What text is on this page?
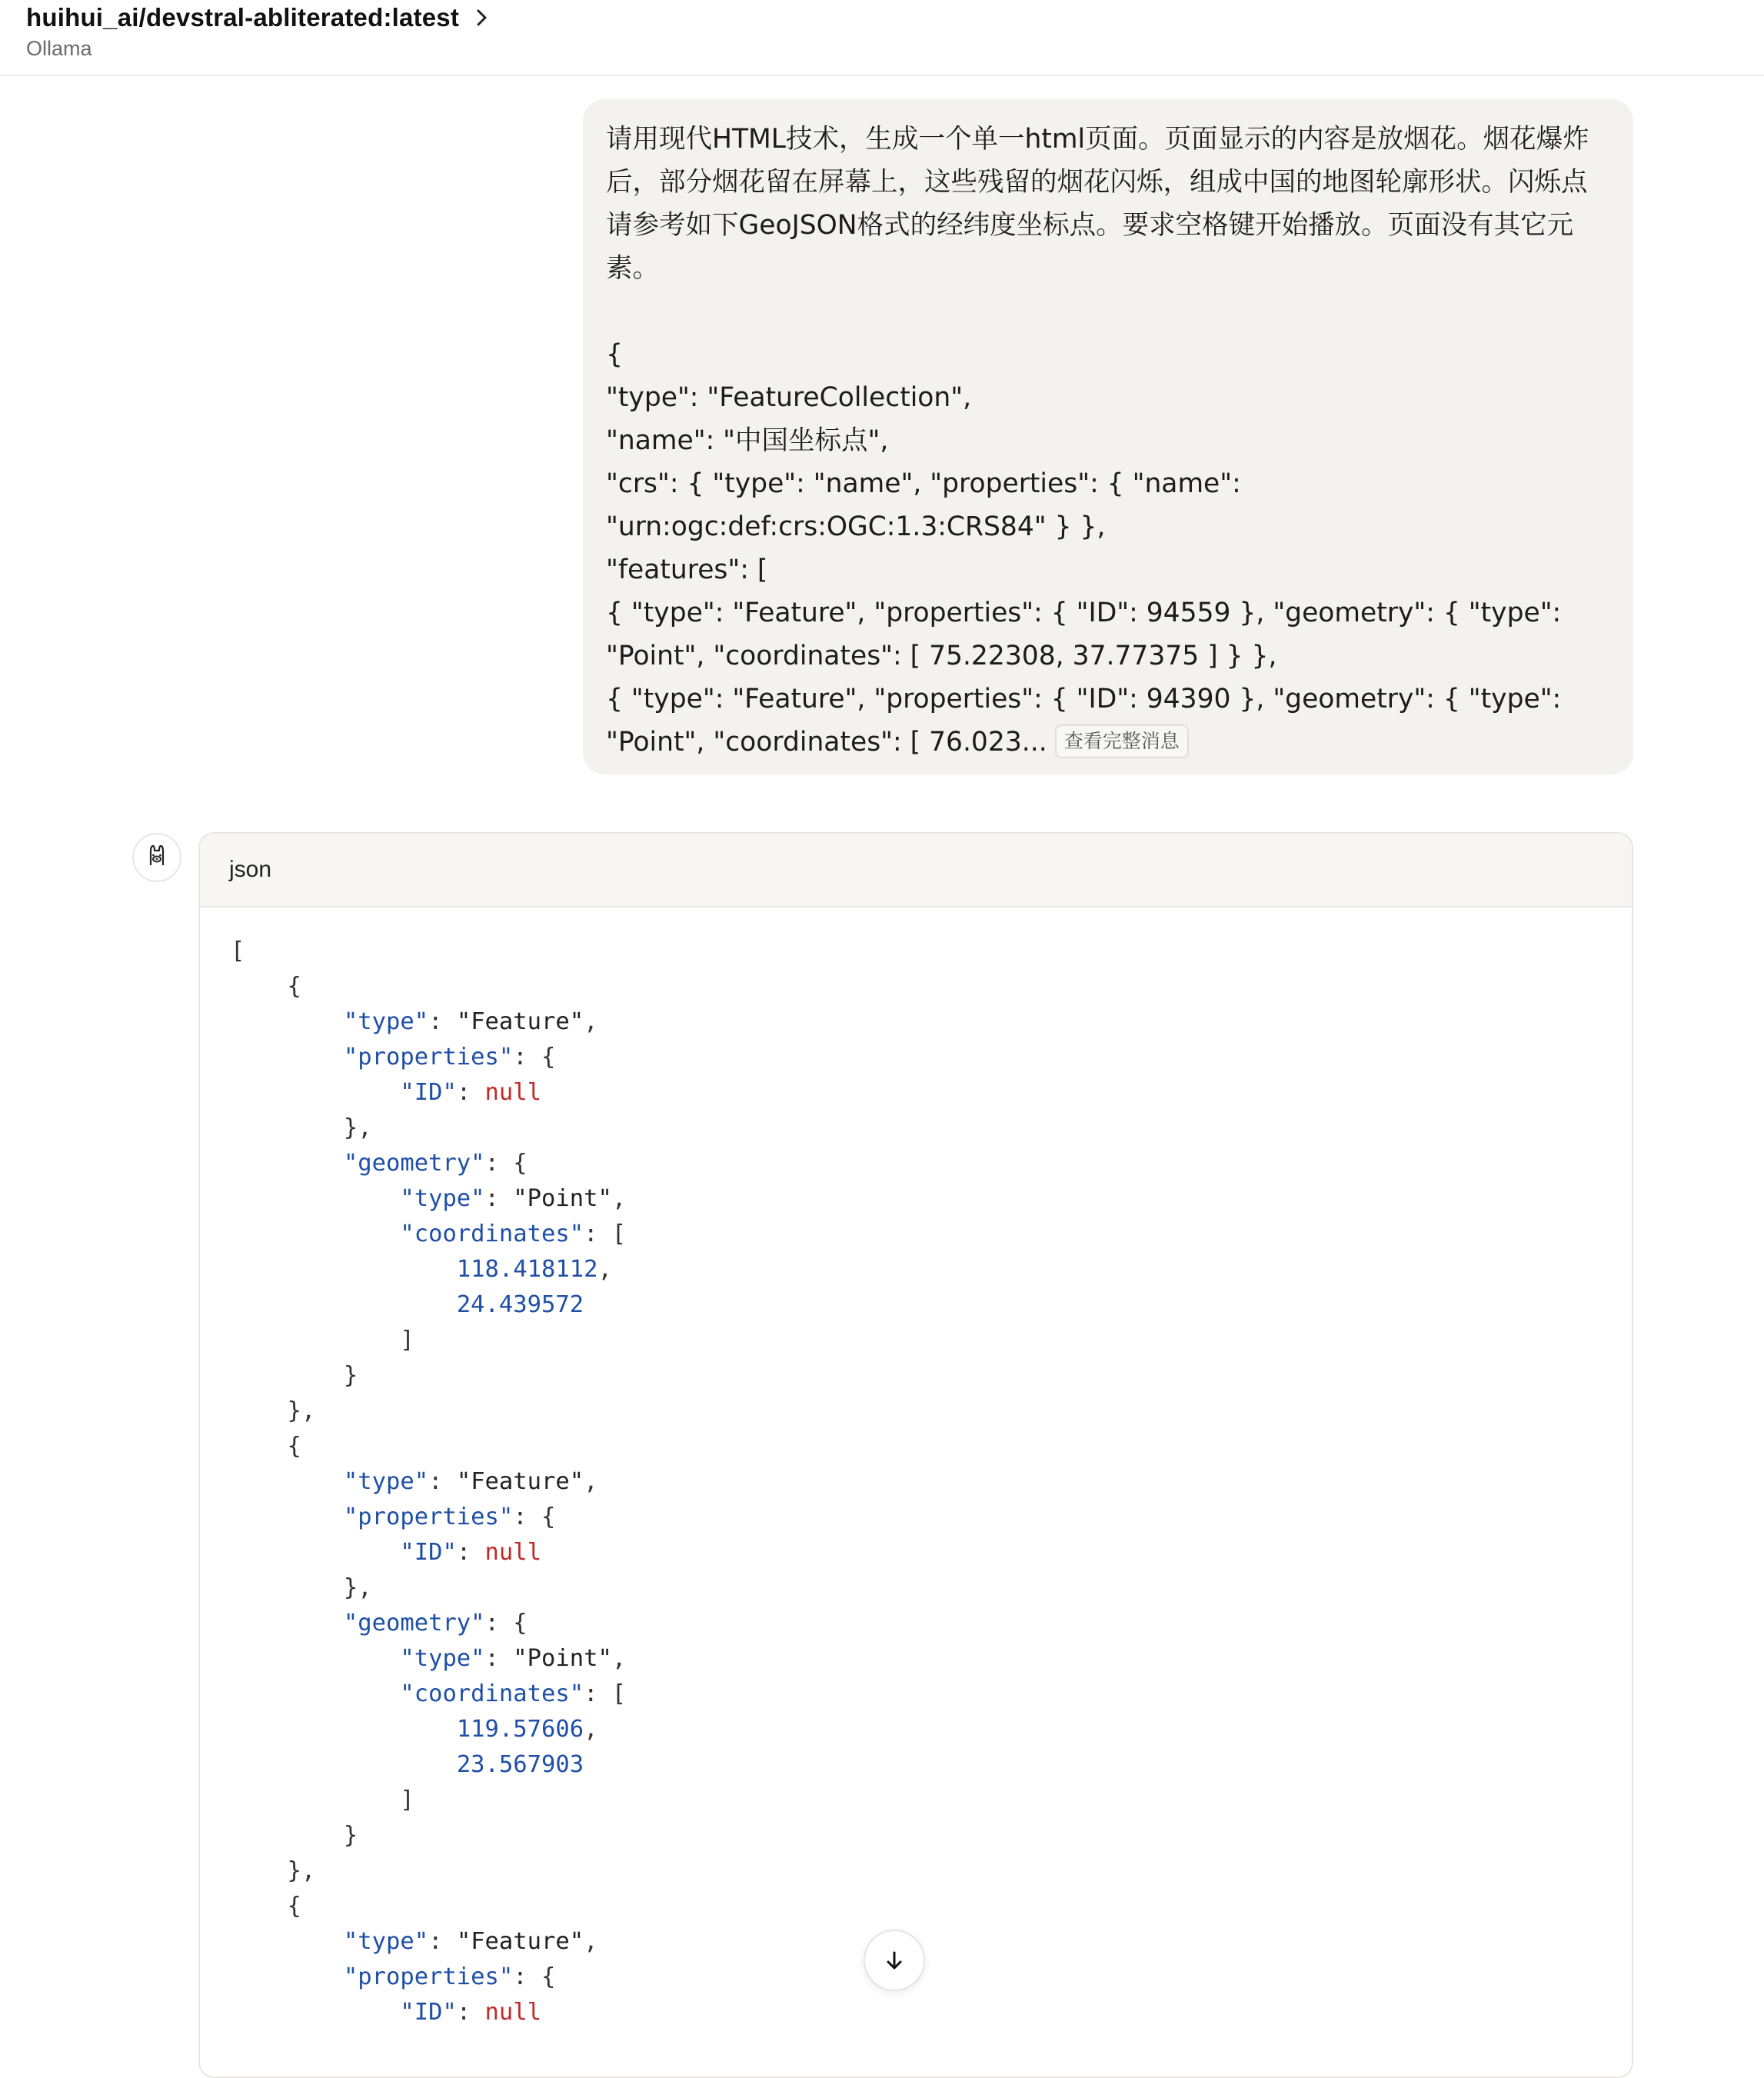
huihui_ai/devstral-abliterated:latest
Ollama
请用现代HTML技术，生成一个单一html页面。页面显示的内容是放烟花。烟花爆炸后，部分烟花留在屏幕上，这些残留的烟花闪烁，组成中国的地图轮廓形状。闪烁点请参考如下GeoJSON格式的经纬度坐标点。要求空格键开始播放。页面没有其它元素。
{
"type": "FeatureCollection",
"name": "中国坐标点",
"crs": { "type": "name", "properties": { "name":
"urn:ogc:def:crs:OGC:1.3:CRS84" } },
"features": [
{ "type": "Feature", "properties": { "ID": 94559 }, "geometry": { "type":
"Point", "coordinates": [ 75.22308, 37.77375 ] } },
{ "type": "Feature", "properties": { "ID": 94390 }, "geometry": { "type":
"Point", "coordinates": [ 76.023... 查看完整消息
json
[
{
"type": "Feature",
"properties": {
"ID": null
},
"geometry": {
"type": "Point",
"coordinates": [
118.418112,
24.439572
]
}
},
{
"type": "Feature",
"properties": {
"ID": null
},
"geometry": {
"type": "Point",
"coordinates": [
119.57606,
23.567903
]
}
},
{
"type": "Feature",
"properties": {
"ID": null
